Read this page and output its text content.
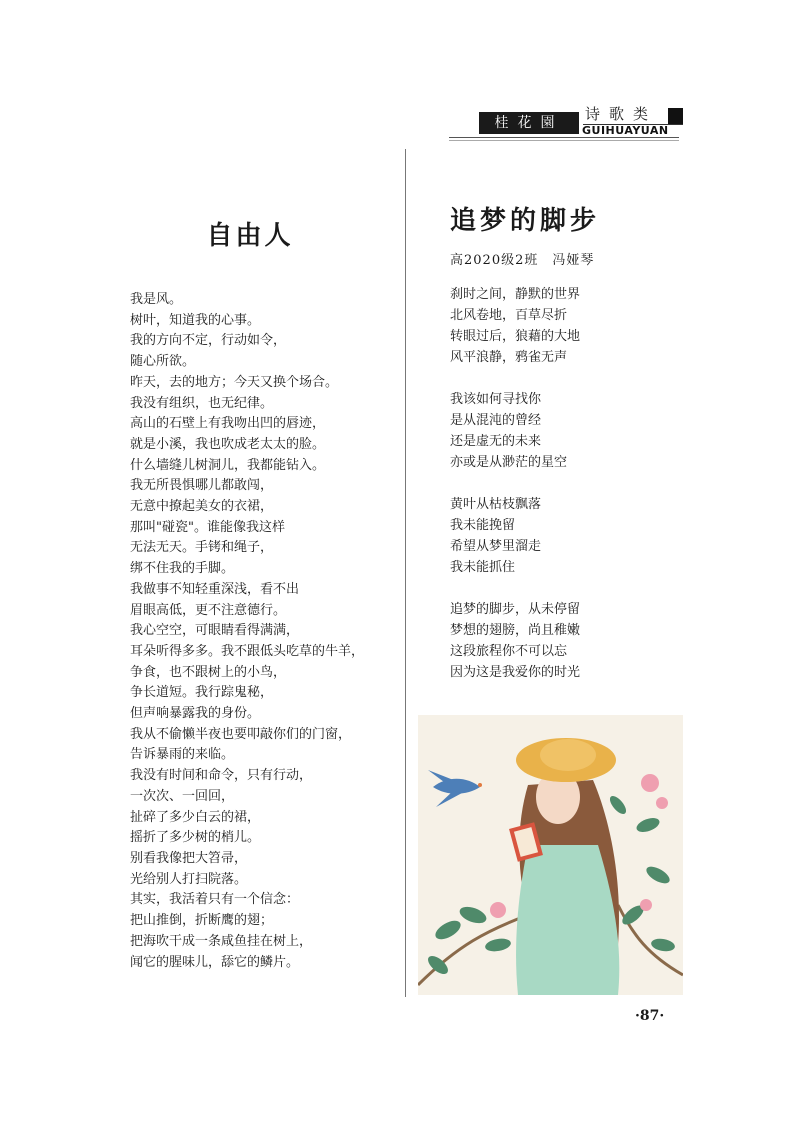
诗歌类
桂花園	GUIHUAYUAN
自由人
我是风。
树叶，知道我的心事。
我的方向不定，行动如令，
随心所欲。
昨天，去的地方；今天又换个场合。
我没有组织，也无纪律。
高山的石壁上有我吻出凹的唇迹，
就是小溪，我也吹成老太太的脸。
什么墙缝儿树洞儿，我都能钻入。
我无所畏惧哪儿都敢闯，
无意中撩起美女的衣裙，
那叫"碰瓷"。谁能像我这样
无法无天。手铐和绳子，
绑不住我的手脚。
我做事不知轻重深浅，看不出
眉眼高低，更不注意德行。
我心空空，可眼睛看得满满，
耳朵听得多多。我不跟低头吃草的牛羊，
争食，也不跟树上的小鸟，
争长道短。我行踪鬼秘，
但声响暴露我的身份。
我从不偷懒半夜也要叩敲你们的门窗，
告诉暴雨的来临。
我没有时间和命令，只有行动，
一次次、一回回，
扯碎了多少白云的裙，
摇折了多少树的梢儿。
别看我像把大笤帚，
光给别人打扫院落。
其实，我活着只有一个信念：
把山推倒，折断鹰的翅；
把海吹干成一条咸鱼挂在树上，
闻它的腥味儿，舔它的鳞片。
追梦的脚步
高2020级2班　冯娅琴
刹时之间，静默的世界
北风卷地，百草尽折
转眼过后，狼藉的大地
风平浪静，鸦雀无声
我该如何寻找你
是从混沌的曾经
还是虚无的未来
亦或是从渺茫的星空
黄叶从枯枝飘落
我未能挽留
希望从梦里溜走
我未能抓住
追梦的脚步，从未停留
梦想的翅膀，尚且稚嫩
这段旅程你不可以忘
因为这是我爱你的时光
·87·
